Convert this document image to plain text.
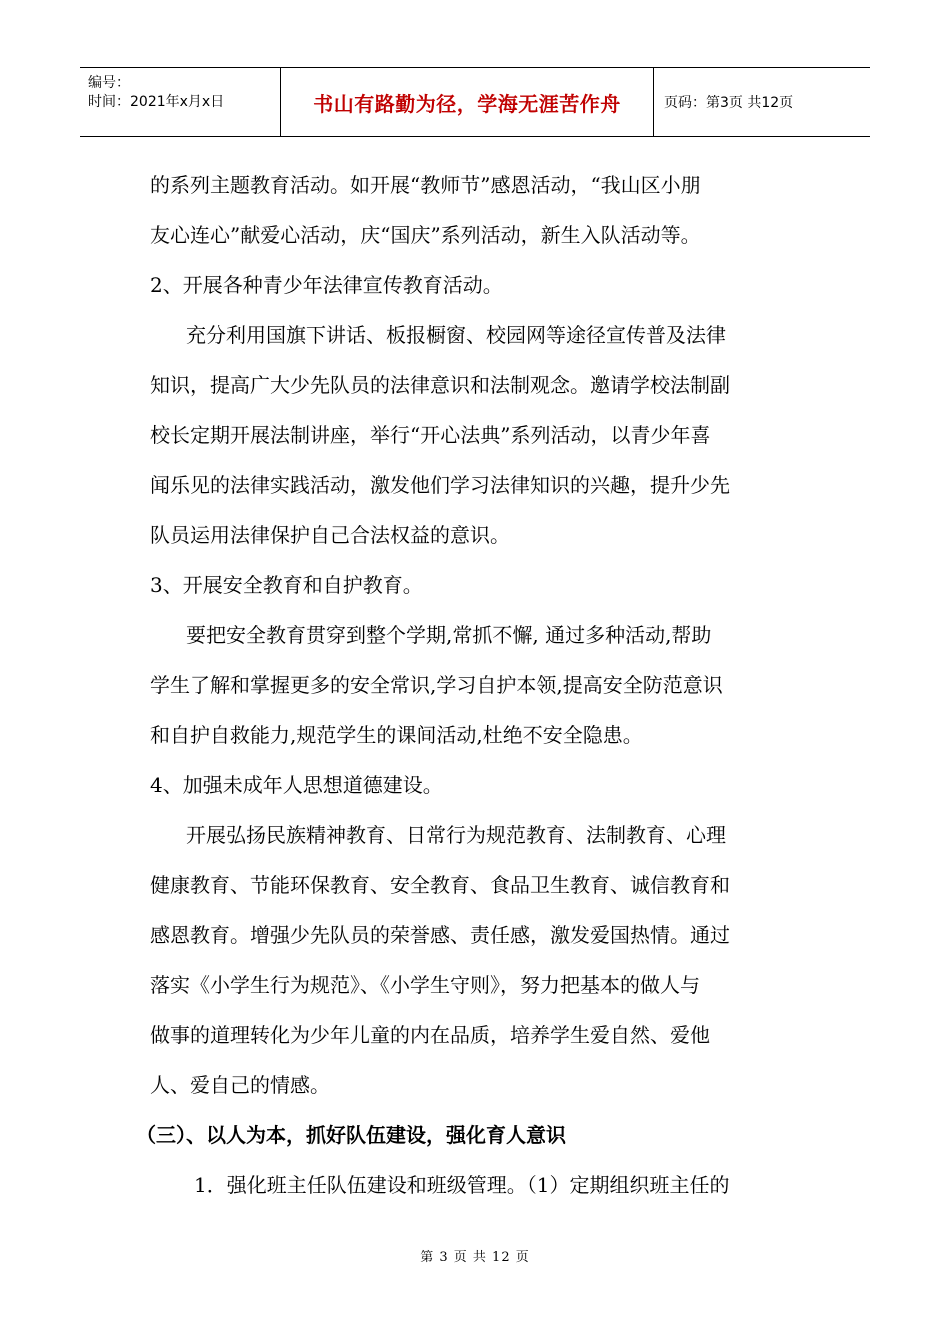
编号：
时间：2021年x月x日	书山有路勤为径，学海无涯苦作舟	页码：第3页 共12页
的系列主题教育活动。如开展“教师节”感恩活动，“我山区小朋
友心连心”献爱心活动，庆“国庆”系列活动，新生入队活动等。
2、开展各种青少年法律宣传教育活动。
充分利用国旗下讲话、板报橱窗、校园网等途径宣传普及法律
知识，提高广大少先队员的法律意识和法制观念。邀请学校法制副
校长定期开展法制讲座，举行“开心法典”系列活动，以青少年喜
闻乐见的法律实践活动，激发他们学习法律知识的兴趣，提升少先
队员运用法律保护自己合法权益的意识。
3、开展安全教育和自护教育。
要把安全教育贯穿到整个学期,常抓不懈, 通过多种活动,帮助
学生了解和掌握更多的安全常识,学习自护本领,提高安全防范意识
和自护自救能力,规范学生的课间活动,杜绝不安全隐患。
4、加强未成年人思想道德建设。
开展弘扬民族精神教育、日常行为规范教育、法制教育、心理
健康教育、节能环保教育、安全教育、食品卫生教育、诚信教育和
感恩教育。增强少先队员的荣誉感、责任感，激发爱国热情。通过
落实《小学生行为规范》、《小学生守则》，努力把基本的做人与
做事的道理转化为少年儿童的内在品质，培养学生爱自然、爱他
人、爱自己的情感。
（三）、以人为本，抓好队伍建设，强化育人意识
1．强化班主任队伍建设和班级管理。（1）定期组织班主任的
第 3 页 共 12 页
